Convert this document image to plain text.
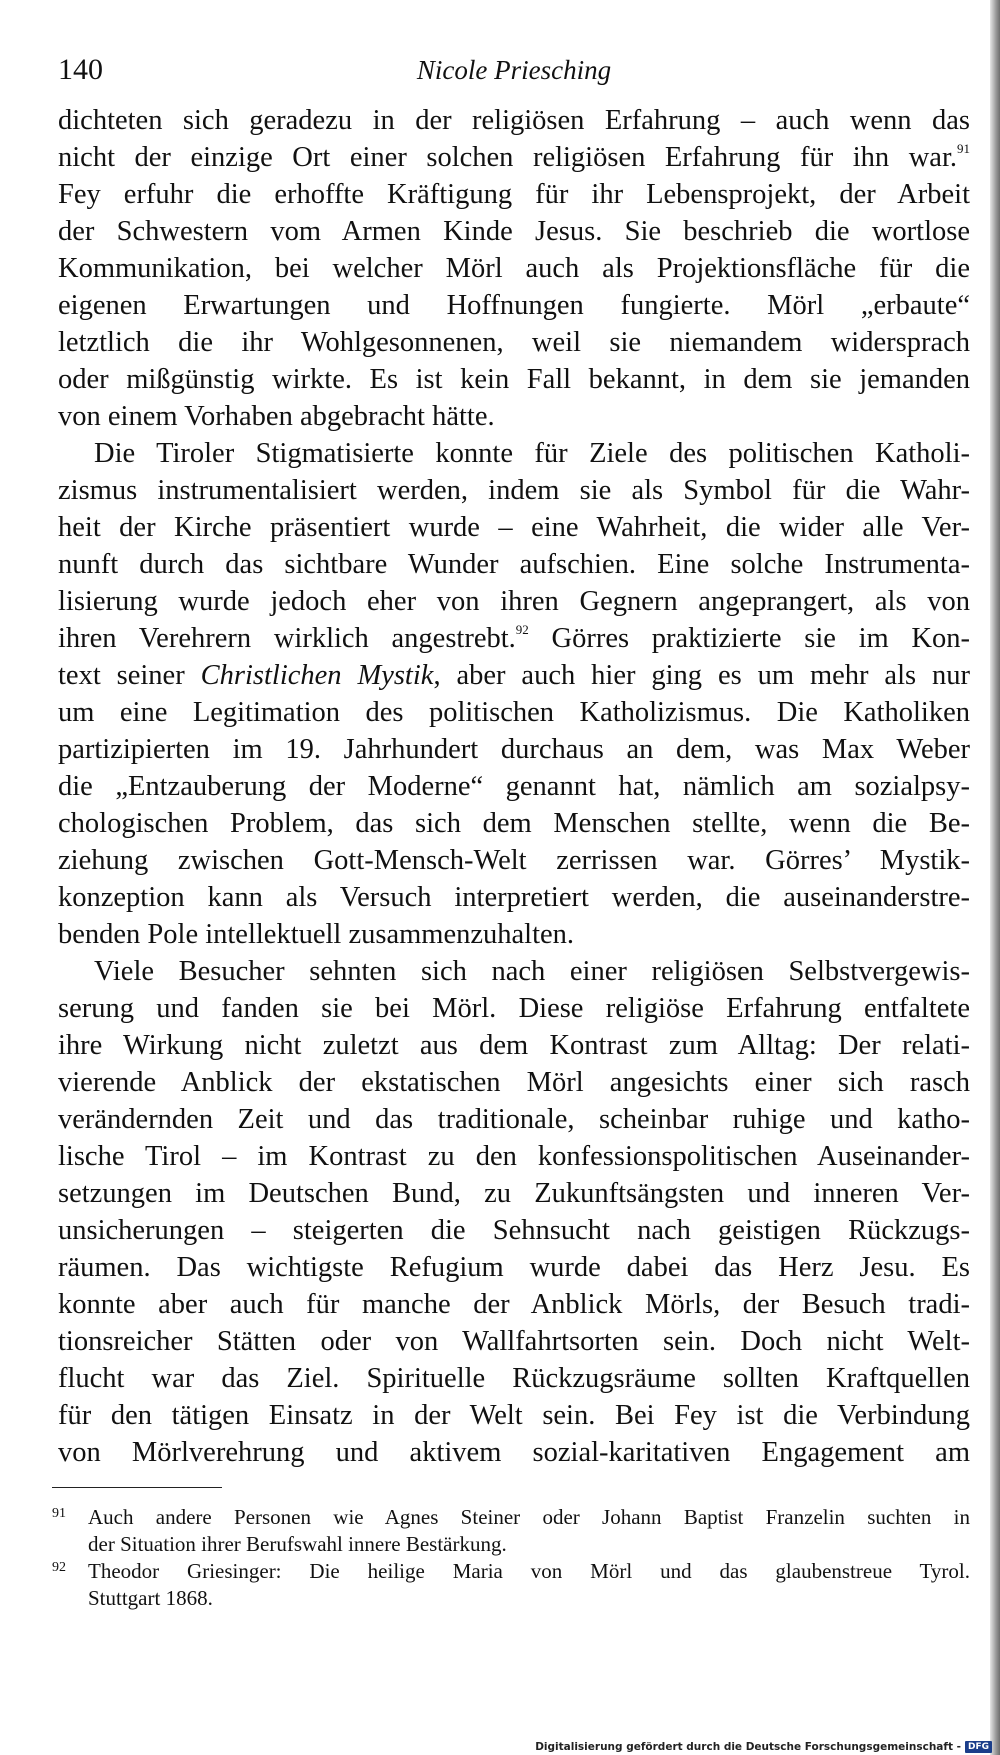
Nicole Priesching
140
dichteten sich geradezu in der religiösen Erfahrung – auch wenn das
nicht der einzige Ort einer solchen religiösen Erfahrung für ihn war.$^{91}$
Fey erfuhr die erhoffte Kräftigung für ihr Lebensprojekt, der Arbeit
der Schwestern vom Armen Kinde Jesus. Sie beschrieb die wortlose
Kommunikation, bei welcher Mörl auch als Projektionsfläche für die
eigenen Erwartungen und Hoffnungen fungierte. Mörl „erbaute“
letztlich die ihr Wohlgesonnenen, weil sie niemandem widersprach
oder mißgünstig wirkte. Es ist kein Fall bekannt, in dem sie jemanden
von einem Vorhaben abgebracht hätte.
Die Tiroler Stigmatisierte konnte für Ziele des politischen Katholi-
zismus instrumentalisiert werden, indem sie als Symbol für die Wahr-
heit der Kirche präsentiert wurde – eine Wahrheit, die wider alle Ver-
nunft durch das sichtbare Wunder aufschien. Eine solche Instrumenta-
lisierung wurde jedoch eher von ihren Gegnern angeprangert, als von
ihren Verehrern wirklich angestrebt.$^{92}$ Görres praktizierte sie im Kon-
text seiner Christlichen Mystik, aber auch hier ging es um mehr als nur
um eine Legitimation des politischen Katholizismus. Die Katholiken
partizipierten im 19. Jahrhundert durchaus an dem, was Max Weber
die „Entzauberung der Moderne“ genannt hat, nämlich am sozialpsy-
chologischen Problem, das sich dem Menschen stellte, wenn die Be-
ziehung zwischen Gott-Mensch-Welt zerrissen war. Görres’ Mystik-
konzeption kann als Versuch interpretiert werden, die auseinanderstre-
benden Pole intellektuell zusammenzuhalten.
Viele Besucher sehnten sich nach einer religiösen Selbstvergewis-
serung und fanden sie bei Mörl. Diese religiöse Erfahrung entfaltete
ihre Wirkung nicht zuletzt aus dem Kontrast zum Alltag: Der relati-
vierende Anblick der ekstatischen Mörl angesichts einer sich rasch
verändernden Zeit und das traditionale, scheinbar ruhige und katho-
lische Tirol – im Kontrast zu den konfessionspolitischen Auseinander-
setzungen im Deutschen Bund, zu Zukunftsängsten und inneren Ver-
unsicherungen – steigerten die Sehnsucht nach geistigen Rückzugs-
räumen. Das wichtigste Refugium wurde dabei das Herz Jesu. Es
konnte aber auch für manche der Anblick Mörls, der Besuch tradi-
tionsreicher Stätten oder von Wallfahrtsorten sein. Doch nicht Welt-
flucht war das Ziel. Spirituelle Rückzugsräume sollten Kraftquellen
für den tätigen Einsatz in der Welt sein. Bei Fey ist die Verbindung
von Mörlverehrung und aktivem sozial-karitativen Engagement am
91 Auch andere Personen wie Agnes Steiner oder Johann Baptist Franzelin suchten in
der Situation ihrer Berufswahl innere Bestärkung.
92 Theodor Griesinger: Die heilige Maria von Mörl und das glaubenstreue Tyrol.
Stuttgart 1868.
Digitalisierung gefördert durch die Deutsche Forschungsgemeinschaft - DFG
